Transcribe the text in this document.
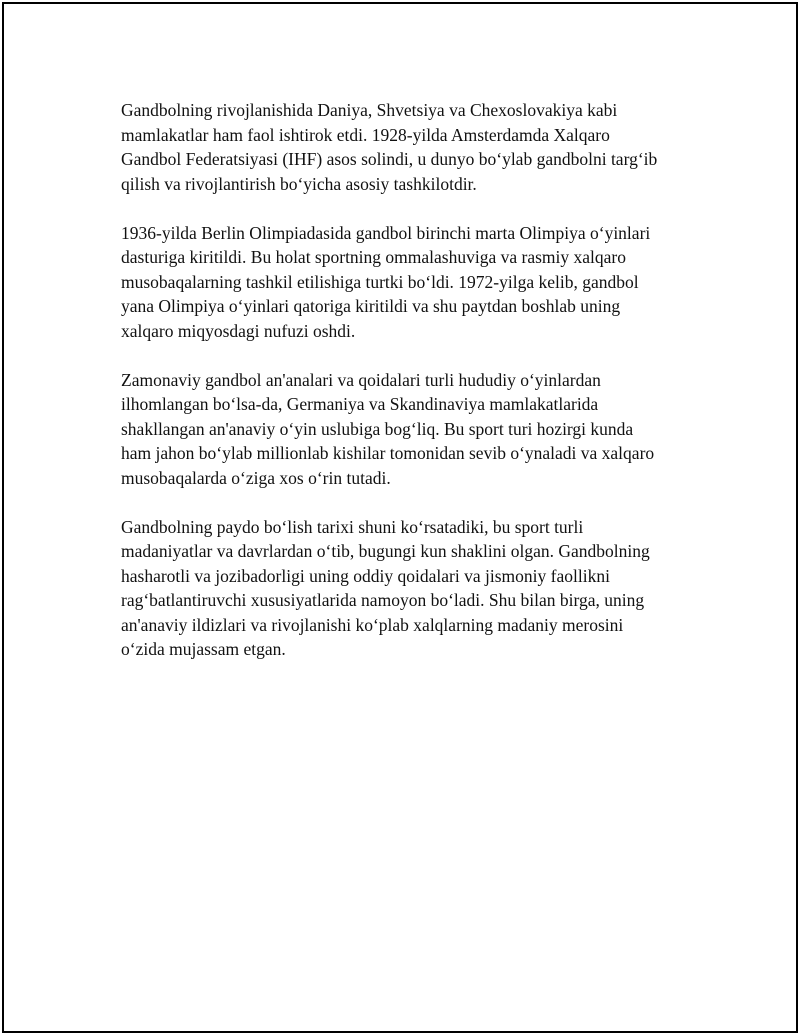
Gandbolning rivojlanishida Daniya, Shvetsiya va Chexoslovakiya kabi
mamlakatlar ham faol ishtirok etdi. 1928-yilda Amsterdamda Xalqaro
Gandbol Federatsiyasi (IHF) asos solindi, u dunyo bo‘ylab gandbolni targ‘ib
qilish va rivojlantirish bo‘yicha asosiy tashkilotdir.

1936-yilda Berlin Olimpiadasida gandbol birinchi marta Olimpiya o‘yinlari
dasturiga kiritildi. Bu holat sportning ommalashuviga va rasmiy xalqaro
musobaqalarning tashkil etilishiga turtki bo‘ldi. 1972-yilga kelib, gandbol
yana Olimpiya o‘yinlari qatoriga kiritildi va shu paytdan boshlab uning
xalqaro miqyosdagi nufuzi oshdi.

Zamonaviy gandbol an'analari va qoidalari turli hududiy o‘yinlardan
ilhomlangan bo‘lsa-da, Germaniya va Skandinaviya mamlakatlarida
shakllangan an'anaviy o‘yin uslubiga bog‘liq. Bu sport turi hozirgi kunda
ham jahon bo‘ylab millionlab kishilar tomonidan sevib o‘ynaladi va xalqaro
musobaqalarda o‘ziga xos o‘rin tutadi.

Gandbolning paydo bo‘lish tarixi shuni ko‘rsatadiki, bu sport turli
madaniyatlar va davrlardan o‘tib, bugungi kun shaklini olgan. Gandbolning
hasharotli va jozibadorligi uning oddiy qoidalari va jismoniy faollikni
rag‘batlantiruvchi xususiyatlarida namoyon bo‘ladi. Shu bilan birga, uning
an'anaviy ildizlari va rivojlanishi ko‘plab xalqlarning madaniy merosini
o‘zida mujassam etgan.
